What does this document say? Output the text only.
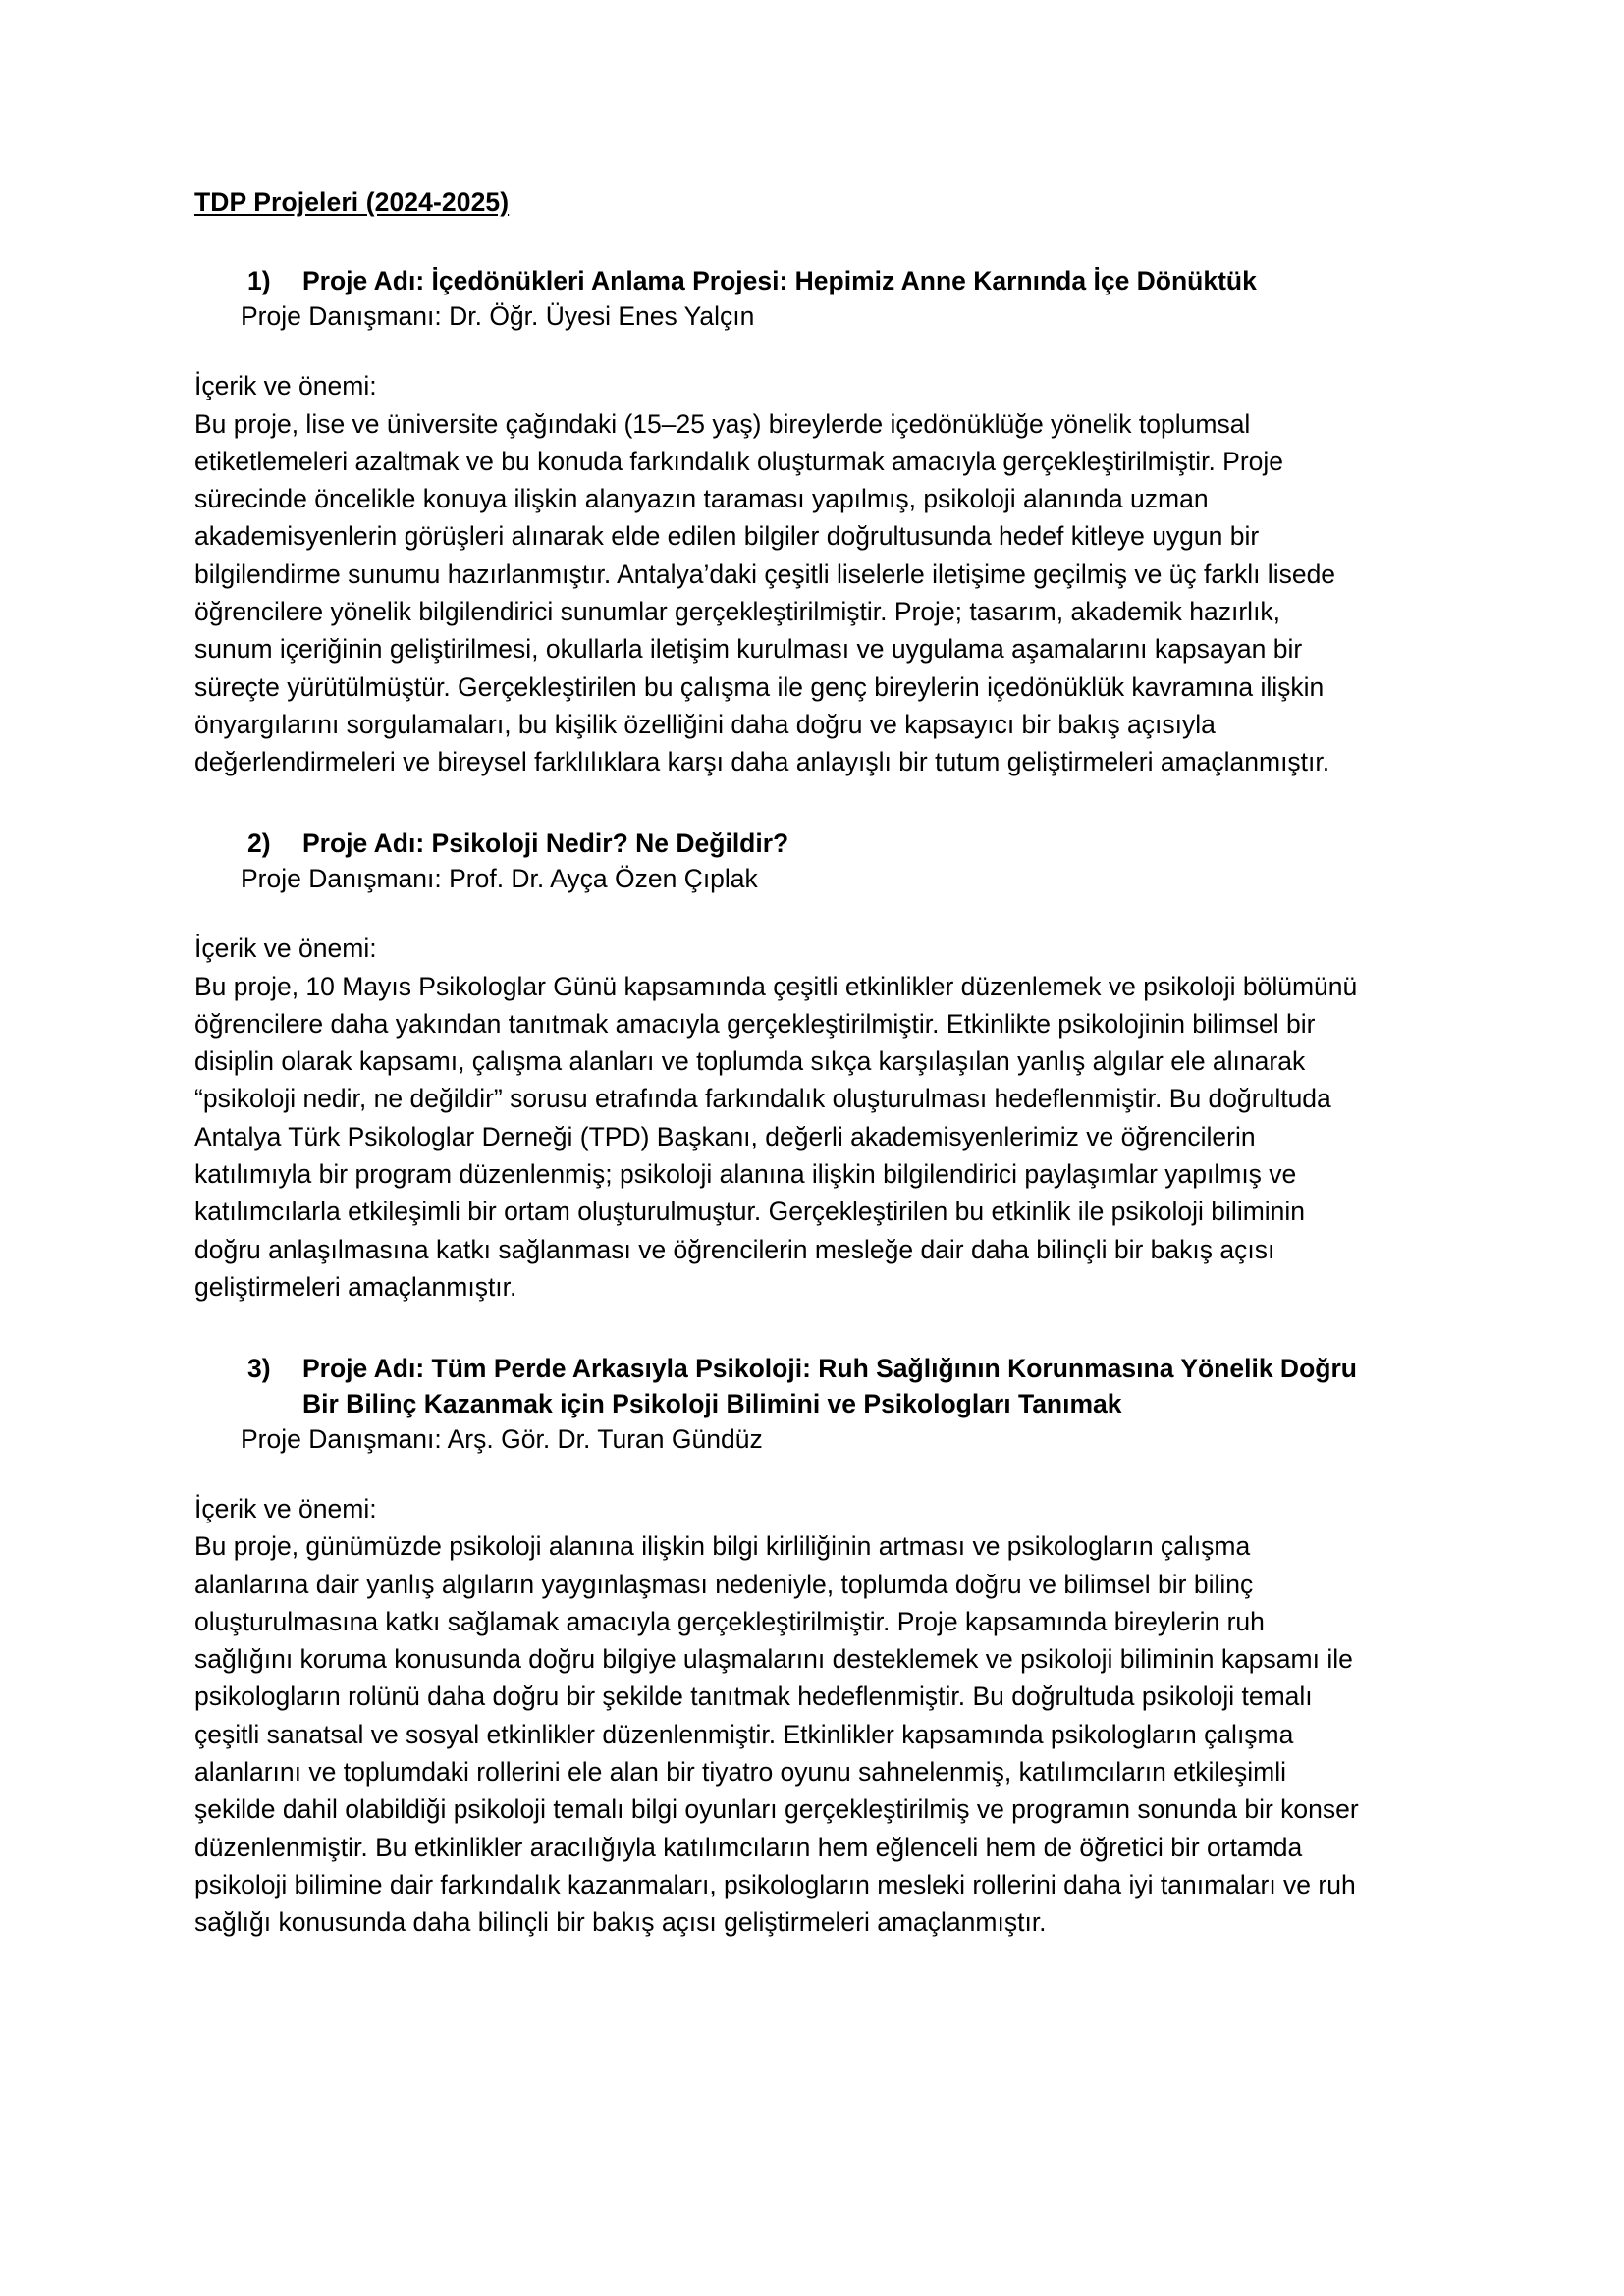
TDP Projeleri (2024-2025)
1)	Proje Adı: İçedönükleri Anlama Projesi: Hepimiz Anne Karnında İçe Dönüktük
Proje Danışmanı: Dr. Öğr. Üyesi Enes Yalçın
İçerik ve önemi:
Bu proje, lise ve üniversite çağındaki (15–25 yaş) bireylerde içedönüklüğe yönelik toplumsal etiketlemeleri azaltmak ve bu konuda farkındalık oluşturmak amacıyla gerçekleştirilmiştir. Proje sürecinde öncelikle konuya ilişkin alanyazın taraması yapılmış, psikoloji alanında uzman akademisyenlerin görüşleri alınarak elde edilen bilgiler doğrultusunda hedef kitleye uygun bir bilgilendirme sunumu hazırlanmıştır. Antalya’daki çeşitli liselerle iletişime geçilmiş ve üç farklı lisede öğrencilere yönelik bilgilendirici sunumlar gerçekleştirilmiştir. Proje; tasarım, akademik hazırlık, sunum içeriğinin geliştirilmesi, okullarla iletişim kurulması ve uygulama aşamalarını kapsayan bir süreçte yürütülmüştür. Gerçekleştirilen bu çalışma ile genç bireylerin içedönüklük kavramına ilişkin önyargılarını sorgulamaları, bu kişilik özelliğini daha doğru ve kapsayıcı bir bakış açısıyla değerlendirmeleri ve bireysel farklılıklara karşı daha anlayışlı bir tutum geliştirmeleri amaçlanmıştır.
2)	Proje Adı: Psikoloji Nedir? Ne Değildir?
Proje Danışmanı: Prof. Dr. Ayça Özen Çıplak
İçerik ve önemi:
Bu proje, 10 Mayıs Psikologlar Günü kapsamında çeşitli etkinlikler düzenlemek ve psikoloji bölümünü öğrencilere daha yakından tanıtmak amacıyla gerçekleştirilmiştir. Etkinlikte psikolojinin bilimsel bir disiplin olarak kapsamı, çalışma alanları ve toplumda sıkça karşılaşılan yanlış algılar ele alınarak “psikoloji nedir, ne değildir” sorusu etrafında farkındalık oluşturulması hedeflenmiştir. Bu doğrultuda Antalya Türk Psikologlar Derneği (TPD) Başkanı, değerli akademisyenlerimiz ve öğrencilerin katılımıyla bir program düzenlenmiş; psikoloji alanına ilişkin bilgilendirici paylaşımlar yapılmış ve katılımcılarla etkileşimli bir ortam oluşturulmuştur. Gerçekleştirilen bu etkinlik ile psikoloji biliminin doğru anlaşılmasına katkı sağlanması ve öğrencilerin mesleğe dair daha bilinçli bir bakış açısı geliştirmeleri amaçlanmıştır.
3)	Proje Adı: Tüm Perde Arkasıyla Psikoloji: Ruh Sağlığının Korunmasına Yönelik Doğru Bir Bilinç Kazanmak için Psikoloji Bilimini ve Psikologları Tanımak
Proje Danışmanı: Arş. Gör. Dr. Turan Gündüz
İçerik ve önemi:
Bu proje, günümüzde psikoloji alanına ilişkin bilgi kirliliğinin artması ve psikologların çalışma alanlarına dair yanlış algıların yaygınlaşması nedeniyle, toplumda doğru ve bilimsel bir bilinç oluşturulmasına katkı sağlamak amacıyla gerçekleştirilmiştir. Proje kapsamında bireylerin ruh sağlığını koruma konusunda doğru bilgiye ulaşmalarını desteklemek ve psikoloji biliminin kapsamı ile psikologların rolünü daha doğru bir şekilde tanıtmak hedeflenmiştir. Bu doğrultuda psikoloji temalı çeşitli sanatsal ve sosyal etkinlikler düzenlenmiştir. Etkinlikler kapsamında psikologların çalışma alanlarını ve toplumdaki rollerini ele alan bir tiyatro oyunu sahnelenmiş, katılımcıların etkileşimli şekilde dahil olabildiği psikoloji temalı bilgi oyunları gerçekleştirilmiş ve programın sonunda bir konser düzenlenmiştir. Bu etkinlikler aracılığıyla katılımcıların hem eğlenceli hem de öğretici bir ortamda psikoloji bilimine dair farkındalık kazanmaları, psikologların mesleki rollerini daha iyi tanımaları ve ruh sağlığı konusunda daha bilinçli bir bakış açısı geliştirmeleri amaçlanmıştır.
